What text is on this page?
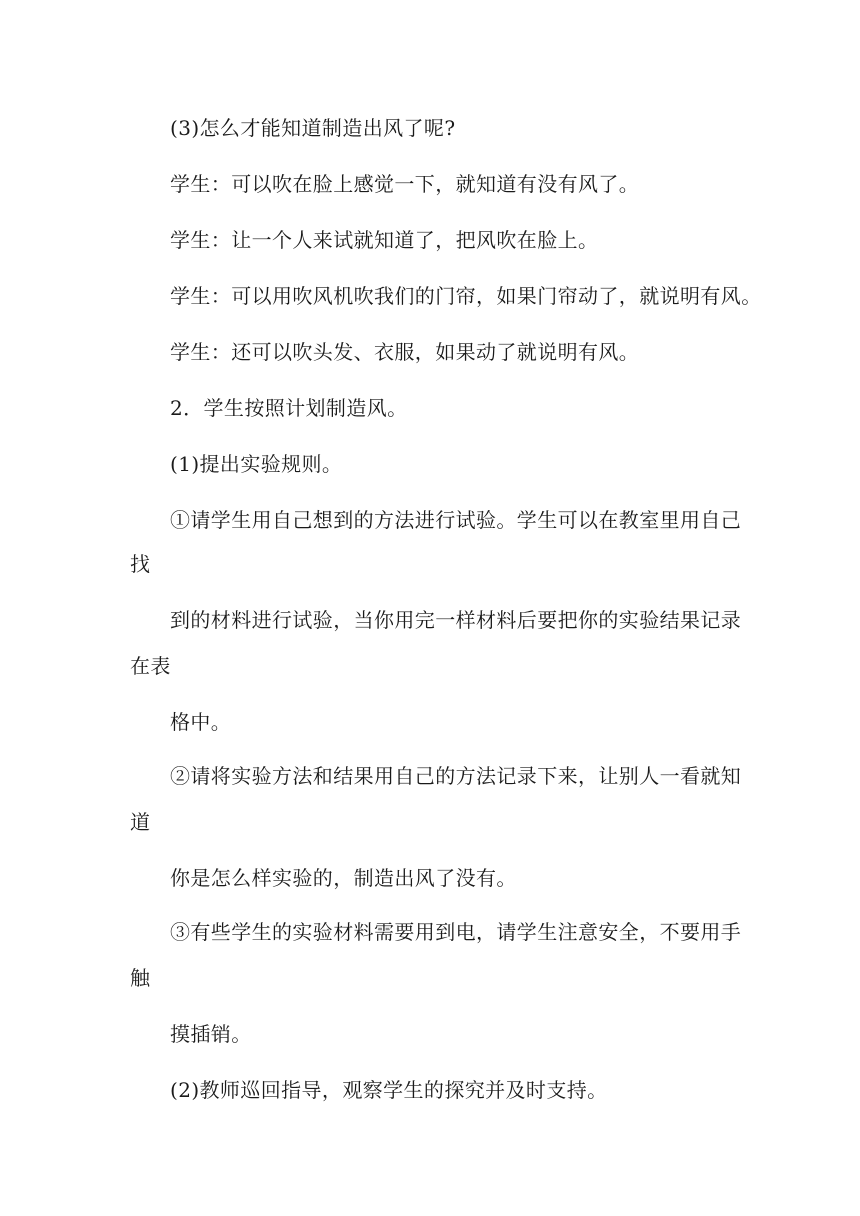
(3)怎么才能知道制造出风了呢?
学生：可以吹在脸上感觉一下，就知道有没有风了。
学生：让一个人来试就知道了，把风吹在脸上。
学生：可以用吹风机吹我们的门帘，如果门帘动了，就说明有风。
学生：还可以吹头发、衣服，如果动了就说明有风。
2．学生按照计划制造风。
(1)提出实验规则。
①请学生用自己想到的方法进行试验。学生可以在教室里用自己
找
到的材料进行试验，当你用完一样材料后要把你的实验结果记录
在表
格中。
②请将实验方法和结果用自己的方法记录下来，让别人一看就知
道
你是怎么样实验的，制造出风了没有。
③有些学生的实验材料需要用到电，请学生注意安全，不要用手
触
摸插销。
(2)教师巡回指导，观察学生的探究并及时支持。
